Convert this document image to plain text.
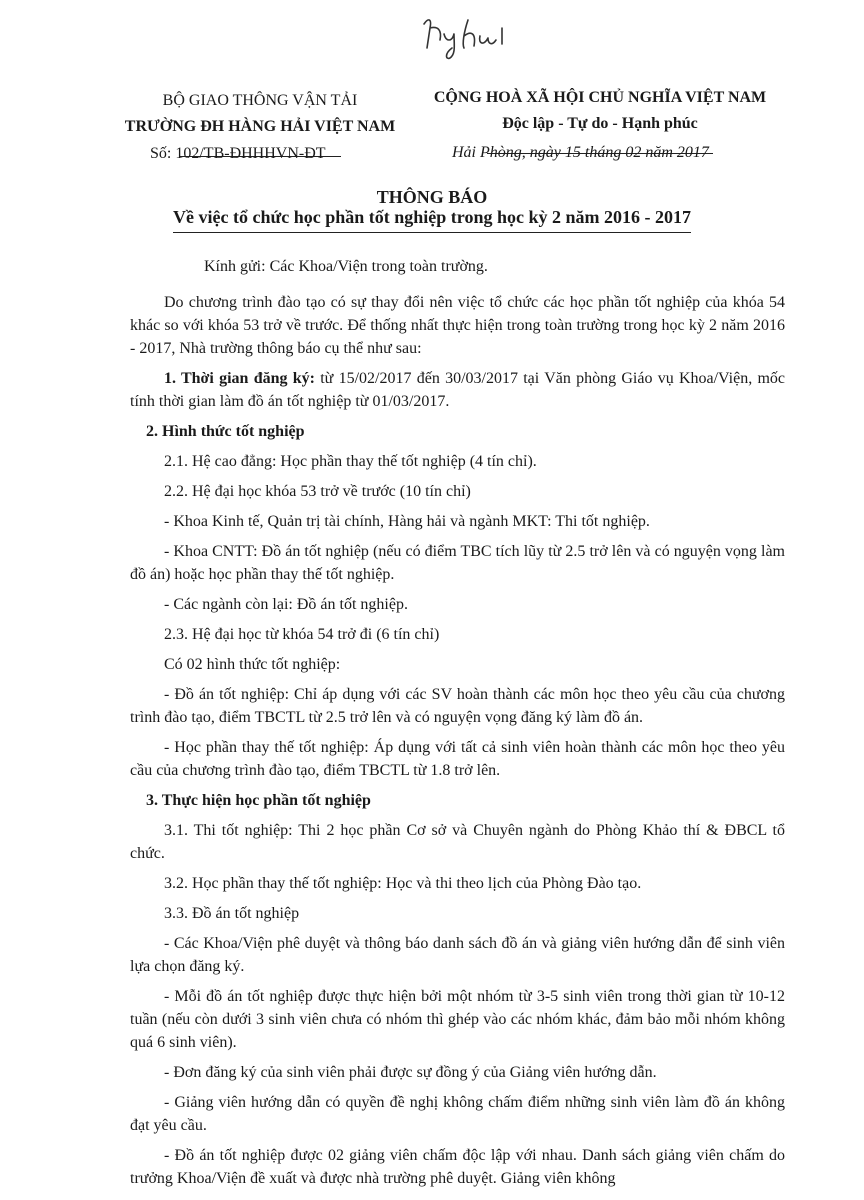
BỘ GIAO THÔNG VẬN TẢI
TRƯỜNG ĐH HÀNG HẢI VIỆT NAM
CỘNG HOÀ XÃ HỘI CHỦ NGHĨA VIỆT NAM
Độc lập - Tự do - Hạnh phúc
Số: 102/TB-ĐHHHVN-ĐT	Hải Phòng, ngày 15 tháng 02 năm 2017
THÔNG BÁO
Về việc tổ chức học phần tốt nghiệp trong học kỳ 2 năm 2016 - 2017
Kính gửi: Các Khoa/Viện trong toàn trường.

Do chương trình đào tạo có sự thay đổi nên việc tổ chức các học phần tốt nghiệp của khóa 54 khác so với khóa 53 trở về trước. Để thống nhất thực hiện trong toàn trường trong học kỳ 2 năm 2016 - 2017, Nhà trường thông báo cụ thể như sau:

1. Thời gian đăng ký: từ 15/02/2017 đến 30/03/2017 tại Văn phòng Giáo vụ Khoa/Viện, mốc tính thời gian làm đồ án tốt nghiệp từ 01/03/2017.

2. Hình thức tốt nghiệp

2.1. Hệ cao đẳng: Học phần thay thế tốt nghiệp (4 tín chỉ).

2.2. Hệ đại học khóa 53 trở về trước (10 tín chỉ)

- Khoa Kinh tế, Quản trị tài chính, Hàng hải và ngành MKT: Thi tốt nghiệp.

- Khoa CNTT: Đồ án tốt nghiệp (nếu có điểm TBC tích lũy từ 2.5 trở lên và có nguyện vọng làm đồ án) hoặc học phần thay thế tốt nghiệp.

- Các ngành còn lại: Đồ án tốt nghiệp.

2.3. Hệ đại học từ khóa 54 trở đi (6 tín chỉ)

Có 02 hình thức tốt nghiệp:

- Đồ án tốt nghiệp: Chỉ áp dụng với các SV hoàn thành các môn học theo yêu cầu của chương trình đào tạo, điểm TBCTL từ 2.5 trở lên và có nguyện vọng đăng ký làm đồ án.

- Học phần thay thế tốt nghiệp: Áp dụng với tất cả sinh viên hoàn thành các môn học theo yêu cầu của chương trình đào tạo, điểm TBCTL từ 1.8 trở lên.

3. Thực hiện học phần tốt nghiệp

3.1. Thi tốt nghiệp: Thi 2 học phần Cơ sở và Chuyên ngành do Phòng Khảo thí & ĐBCL tổ chức.

3.2. Học phần thay thế tốt nghiệp: Học và thi theo lịch của Phòng Đào tạo.

3.3. Đồ án tốt nghiệp

- Các Khoa/Viện phê duyệt và thông báo danh sách đồ án và giảng viên hướng dẫn để sinh viên lựa chọn đăng ký.

- Mỗi đồ án tốt nghiệp được thực hiện bởi một nhóm từ 3-5 sinh viên trong thời gian từ 10-12 tuần (nếu còn dưới 3 sinh viên chưa có nhóm thì ghép vào các nhóm khác, đảm bảo mỗi nhóm không quá 6 sinh viên).

- Đơn đăng ký của sinh viên phải được sự đồng ý của Giảng viên hướng dẫn.

- Giảng viên hướng dẫn có quyền đề nghị không chấm điểm những sinh viên làm đồ án không đạt yêu cầu.

- Đồ án tốt nghiệp được 02 giảng viên chấm độc lập với nhau. Danh sách giảng viên chấm do trưởng Khoa/Viện đề xuất và được nhà trường phê duyệt. Giảng viên không
